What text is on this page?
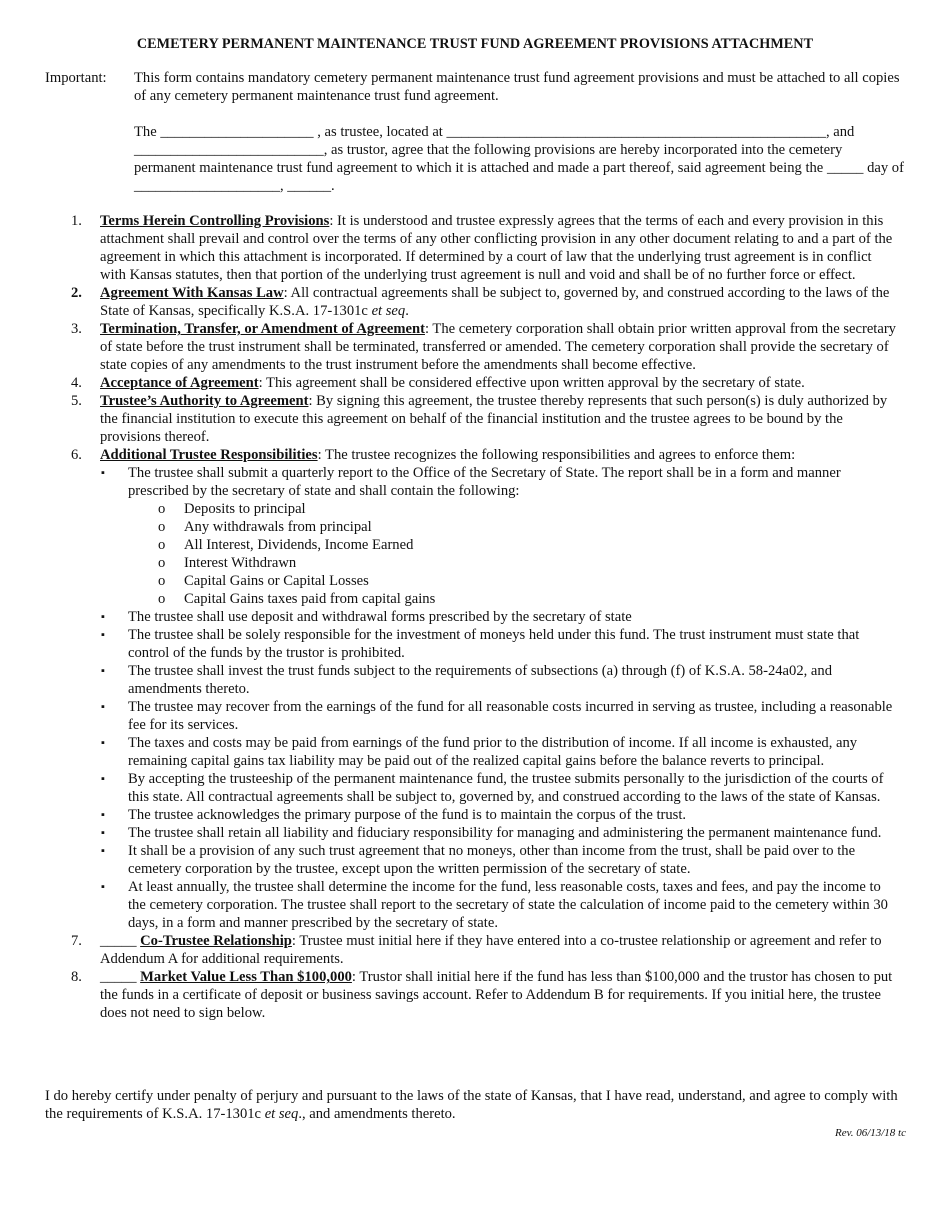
CEMETERY PERMANENT MAINTENANCE TRUST FUND AGREEMENT PROVISIONS ATTACHMENT
Important: This form contains mandatory cemetery permanent maintenance trust fund agreement provisions and must be attached to all copies of any cemetery permanent maintenance trust fund agreement.
The _____________________ , as trustee, located at ____________________________________________________, and __________________________, as trustor, agree that the following provisions are hereby incorporated into the cemetery permanent maintenance trust fund agreement to which it is attached and made a part thereof, said agreement being the _____ day of ____________________, ______.
1. Terms Herein Controlling Provisions: It is understood and trustee expressly agrees that the terms of each and every provision in this attachment shall prevail and control over the terms of any other conflicting provision in any other document relating to and a part of the agreement in which this attachment is incorporated. If determined by a court of law that the underlying trust agreement is in conflict with Kansas statutes, then that portion of the underlying trust agreement is null and void and shall be of no further force or effect.
2. Agreement With Kansas Law: All contractual agreements shall be subject to, governed by, and construed according to the laws of the State of Kansas, specifically K.S.A. 17-1301c et seq.
3. Termination, Transfer, or Amendment of Agreement: The cemetery corporation shall obtain prior written approval from the secretary of state before the trust instrument shall be terminated, transferred or amended. The cemetery corporation shall provide the secretary of state copies of any amendments to the trust instrument before the amendments shall become effective.
4. Acceptance of Agreement: This agreement shall be considered effective upon written approval by the secretary of state.
5. Trustee’s Authority to Agreement: By signing this agreement, the trustee thereby represents that such person(s) is duly authorized by the financial institution to execute this agreement on behalf of the financial institution and the trustee agrees to be bound by the provisions thereof.
6. Additional Trustee Responsibilities: The trustee recognizes the following responsibilities and agrees to enforce them:
▪ The trustee shall submit a quarterly report to the Office of the Secretary of State. The report shall be in a form and manner prescribed by the secretary of state and shall contain the following:
o Deposits to principal
o Any withdrawals from principal
o All Interest, Dividends, Income Earned
o Interest Withdrawn
o Capital Gains or Capital Losses
o Capital Gains taxes paid from capital gains
▪ The trustee shall use deposit and withdrawal forms prescribed by the secretary of state
▪ The trustee shall be solely responsible for the investment of moneys held under this fund. The trust instrument must state that control of the funds by the trustor is prohibited.
▪ The trustee shall invest the trust funds subject to the requirements of subsections (a) through (f) of K.S.A. 58-24a02, and amendments thereto.
▪ The trustee may recover from the earnings of the fund for all reasonable costs incurred in serving as trustee, including a reasonable fee for its services.
▪ The taxes and costs may be paid from earnings of the fund prior to the distribution of income. If all income is exhausted, any remaining capital gains tax liability may be paid out of the realized capital gains before the balance reverts to principal.
▪ By accepting the trusteeship of the permanent maintenance fund, the trustee submits personally to the jurisdiction of the courts of this state. All contractual agreements shall be subject to, governed by, and construed according to the laws of the state of Kansas.
▪ The trustee acknowledges the primary purpose of the fund is to maintain the corpus of the trust.
▪ The trustee shall retain all liability and fiduciary responsibility for managing and administering the permanent maintenance fund.
▪ It shall be a provision of any such trust agreement that no moneys, other than income from the trust, shall be paid over to the cemetery corporation by the trustee, except upon the written permission of the secretary of state.
▪ At least annually, the trustee shall determine the income for the fund, less reasonable costs, taxes and fees, and pay the income to the cemetery corporation. The trustee shall report to the secretary of state the calculation of income paid to the cemetery within 30 days, in a form and manner prescribed by the secretary of state.
7. _____ Co-Trustee Relationship: Trustee must initial here if they have entered into a co-trustee relationship or agreement and refer to Addendum A for additional requirements.
8. _____ Market Value Less Than $100,000: Trustor shall initial here if the fund has less than $100,000 and the trustor has chosen to put the funds in a certificate of deposit or business savings account. Refer to Addendum B for requirements. If you initial here, the trustee does not need to sign below.
I do hereby certify under penalty of perjury and pursuant to the laws of the state of Kansas, that I have read, understand, and agree to comply with the requirements of K.S.A. 17-1301c et seq., and amendments thereto.
Rev. 06/13/18 tc
